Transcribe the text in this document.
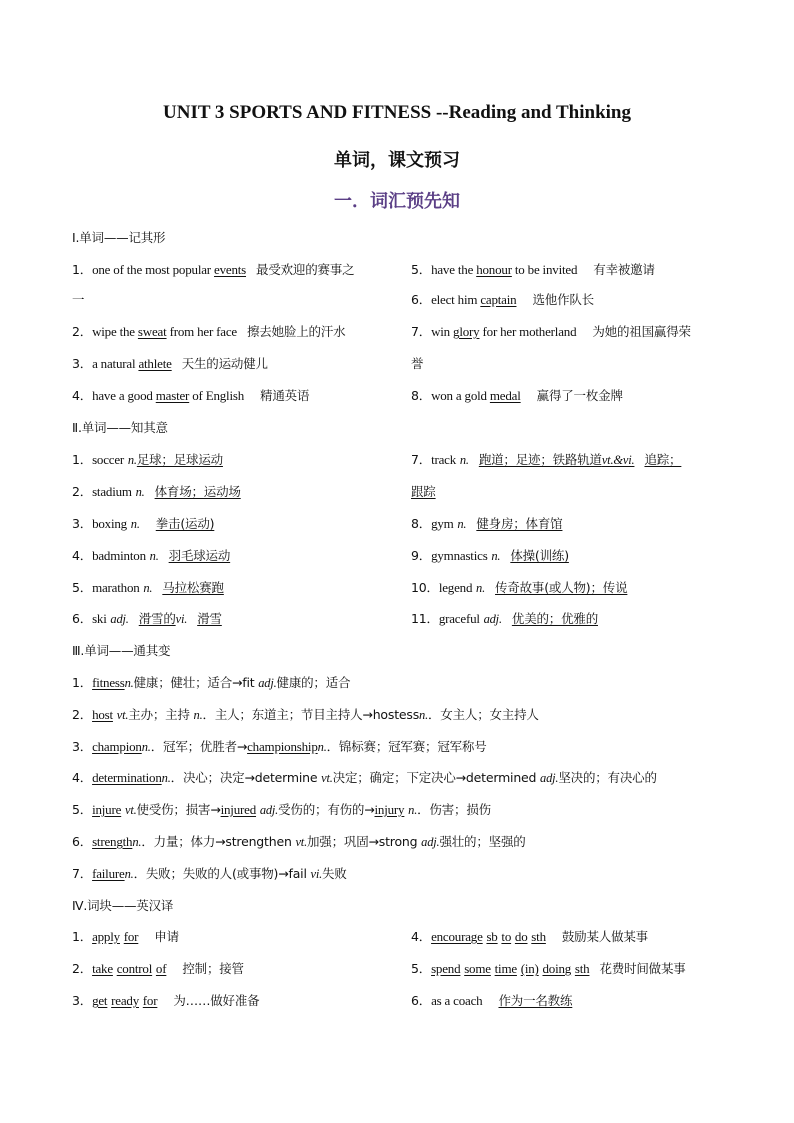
UNIT 3 SPORTS AND FITNESS --Reading and Thinking
单词，课文预习
一．词汇预先知
Ⅰ.单词——记其形
1．one of the most popular events 最受欢迎的赛事之
一
2．wipe the sweat from her face 擦去她脸上的汗水
3．a natural athlete 天生的运动健儿
4．have a good master of English 精通英语
5．have the honour to be invited 有幸被邀请
6．elect him captain 选他作队长
7．win glory for her motherland 为她的祖国赢得荣
誉
8．won a gold medal 赢得了一枚金牌
Ⅱ.单词——知其意
1．soccer n.足球；足球运动
2．stadium n. 体育场；运动场
3．boxing n. 拳击(运动)
4．badminton n. 羽毛球运动
5．marathon n. 马拉松赛跑
6．ski adj. 滑雪的vi. 滑雪
7．track n. 跑道；足迹；铁路轨道vt.&vi. 追踪；
跟踪
8．gym n. 健身房；体育馆
9．gymnastics n. 体操(训练)
10．legend n. 传奇故事(或人物)；传说
11．graceful adj. 优美的；优雅的
Ⅲ.单词——通其变
1．fitnessn.健康；健壮；适合→fit adj.健康的；适合
2．host vt.主办；主持 n.．主人；东道主；节目主持人→hostessn.．女主人；女主持人
3．championn.．冠军；优胜者→championshipn.．锦标赛；冠军赛；冠军称号
4．determinationn.．决心；决定→determine vt.决定；确定；下定决心→determined adj.坚决的；有决心的
5．injure vt.使受伤；损害→injured adj.受伤的；有伤的→injury n.．伤害；损伤
6．strengthn.．力量；体力→strengthen vt.加强；巩固→strong adj.强壮的；坚强的
7．failuren.．失败；失败的人(或事物)→fail vi.失败
Ⅳ.词块——英汉译
1．apply for 申请
2．take control of 控制；接管
3．get ready for 为……做好准备
4．encourage sb to do sth 鼓励某人做某事
5．spend some time (in) doing sth 花费时间做某事
6．as a coach 作为一名教练
